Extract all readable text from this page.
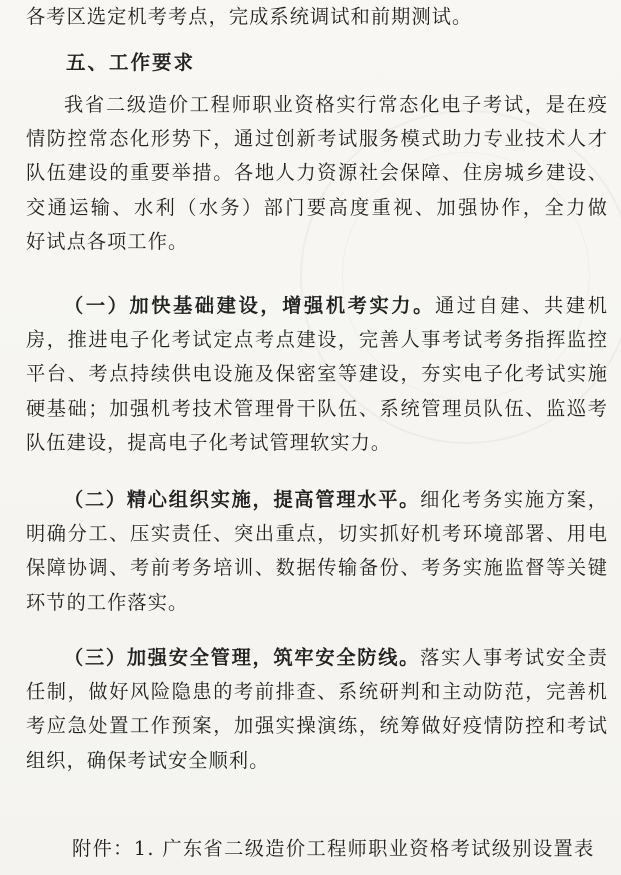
各考区选定机考考点，完成系统调试和前期测试。
五、工作要求
我省二级造价工程师职业资格实行常态化电子考试，是在疫
情防控常态化形势下，通过创新考试服务模式助力专业技术人才
队伍建设的重要举措。各地人力资源社会保障、住房城乡建设、
交通运输、水利（水务）部门要高度重视、加强协作，全力做
好试点各项工作。
（一）加快基础建设，增强机考实力。通过自建、共建机
房，推进电子化考试定点考点建设，完善人事考试考务指挥监控
平台、考点持续供电设施及保密室等建设，夯实电子化考试实施
硬基础；加强机考技术管理骨干队伍、系统管理员队伍、监巡考
队伍建设，提高电子化考试管理软实力。
（二）精心组织实施，提高管理水平。细化考务实施方案，
明确分工、压实责任、突出重点，切实抓好机考环境部署、用电
保障协调、考前考务培训、数据传输备份、考务实施监督等关键
环节的工作落实。
（三）加强安全管理，筑牢安全防线。落实人事考试安全责
任制，做好风险隐患的考前排查、系统研判和主动防范，完善机
考应急处置工作预案，加强实操演练，统筹做好疫情防控和考试
组织，确保考试安全顺利。
附件：1. 广东省二级造价工程师职业资格考试级别设置表
